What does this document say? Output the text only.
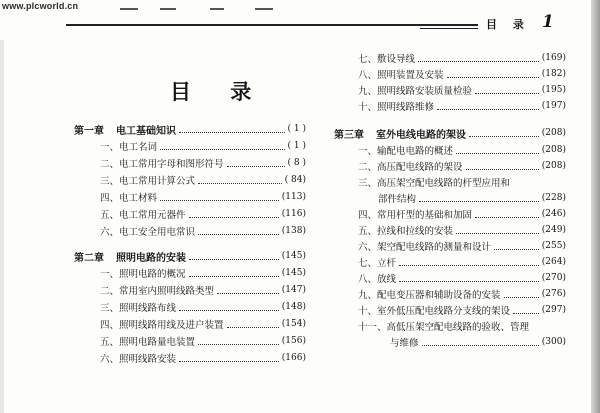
www.plcworld.cn
目 录 1
目 录
第一章 电工基础知识	( 1 )
一、电工名词	( 1 )
二、电工常用字母和图形符号	( 8 )
三、电工常用计算公式	( 84)
四、电工材料	(113)
五、电工常用元器件	(116)
六、电工安全用电常识	(138)
第二章 照明电路的安装	(145)
一、照明电路的概况	(145)
二、常用室内照明线路类型	(147)
三、照明线路布线	(148)
四、照明线路用线及进户装置	(154)
五、照明电路量电装置	(156)
六、照明线路安装	(166)
七、敷设导线	(169)
八、照明装置及安装	(182)
九、照明线路安装质量检验	(195)
十、照明线路维修	(197)
第三章 室外电线电路的架设	(208)
一、输配电电路的概述	(208)
二、高压配电线路的架设	(208)
三、高压架空配电线路的杆型应用和
部件结构	(228)
四、常用杆型的基础和加固	(246)
五、拉线和拉线的安装	(249)
六、架空配电线路的测量和设计	(255)
七、立杆	(264)
八、放线	(270)
九、配电变压器和辅助设备的安装	(276)
十、室外低压配电线路分支线的架设	(297)
十一、高低压架空配电线路的验收、管理
与维修	(300)
